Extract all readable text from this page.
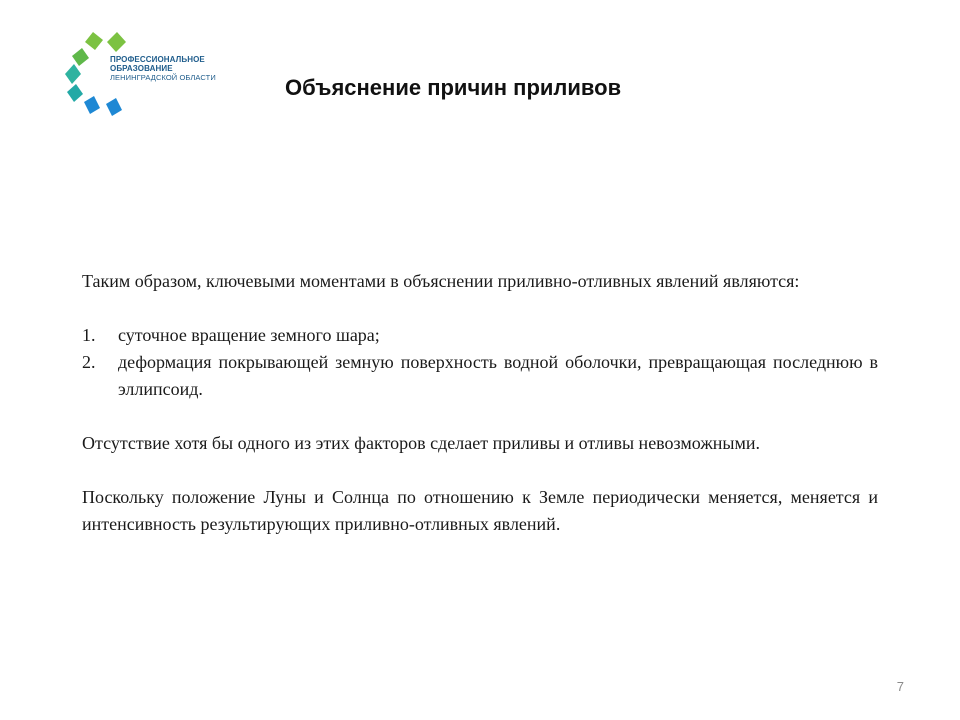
ПРОФЕССИОНАЛЬНОЕ
ОБРАЗОВАНИЕ
ЛЕНИНГРАДСКОЙ ОБЛАСТИ	Объяснение причин приливов

Таким образом, ключевыми моментами в объяснении приливно-отливных явлений являются:

1.	суточное вращение земного шара;
2.	деформация покрывающей земную поверхность водной оболочки, превращающая последнюю в эллипсоид.

Отсутствие хотя бы одного из этих факторов сделает приливы и отливы невозможными.

Поскольку положение Луны и Солнца по отношению к Земле периодически меняется, меняется и интенсивность результирующих приливно-отливных явлений.

7
